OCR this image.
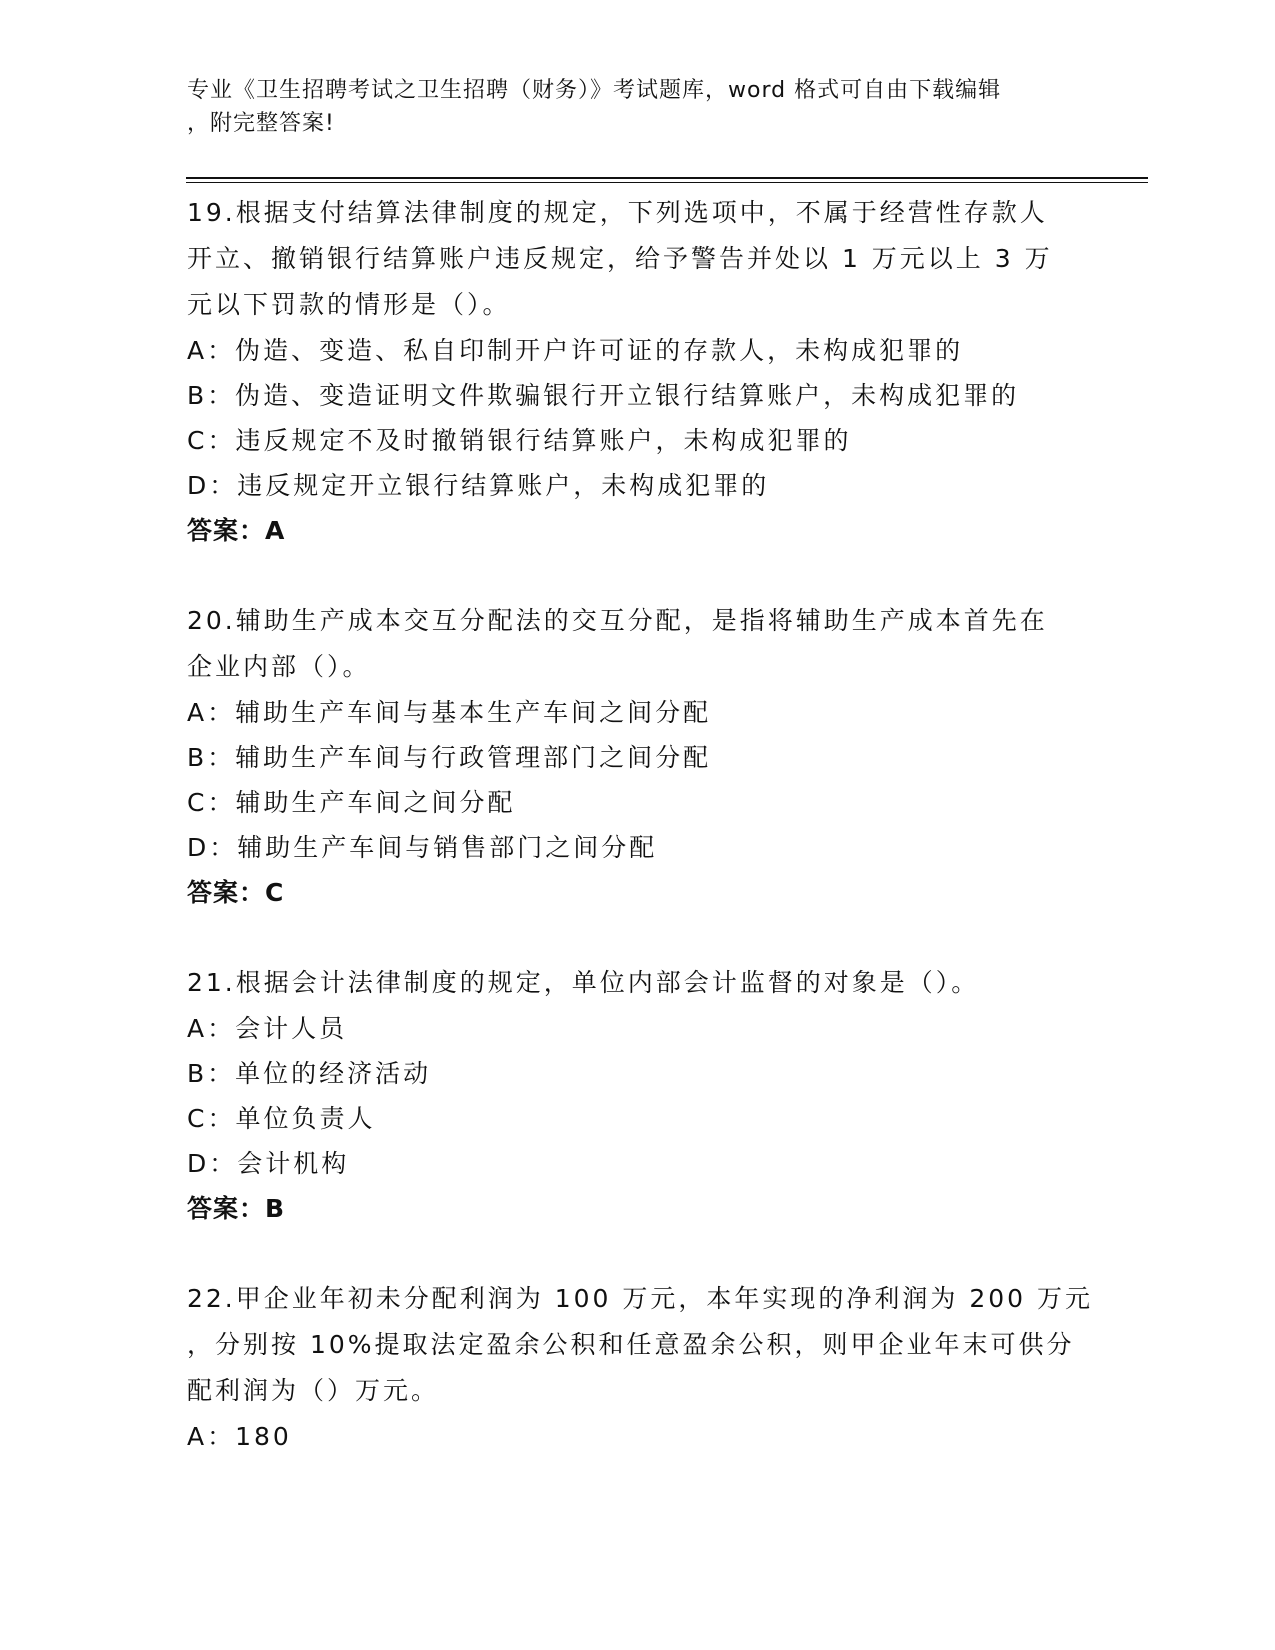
专业《卫生招聘考试之卫生招聘（财务）》考试题库，word 格式可自由下载编辑
，附完整答案!
19.根据支付结算法律制度的规定，下列选项中，不属于经营性存款人
开立、撤销银行结算账户违反规定，给予警告并处以 1 万元以上 3 万
元以下罚款的情形是（）。
A：伪造、变造、私自印制开户许可证的存款人，未构成犯罪的
B：伪造、变造证明文件欺骗银行开立银行结算账户，未构成犯罪的
C：违反规定不及时撤销银行结算账户，未构成犯罪的
D：违反规定开立银行结算账户，未构成犯罪的
答案：A
20.辅助生产成本交互分配法的交互分配，是指将辅助生产成本首先在
企业内部（）。
A：辅助生产车间与基本生产车间之间分配
B：辅助生产车间与行政管理部门之间分配
C：辅助生产车间之间分配
D：辅助生产车间与销售部门之间分配
答案：C
21.根据会计法律制度的规定，单位内部会计监督的对象是（）。
A：会计人员
B：单位的经济活动
C：单位负责人
D：会计机构
答案：B
22.甲企业年初未分配利润为 100 万元，本年实现的净利润为 200 万元
，分别按 10%提取法定盈余公积和任意盈余公积，则甲企业年末可供分
配利润为（）万元。
A：180
